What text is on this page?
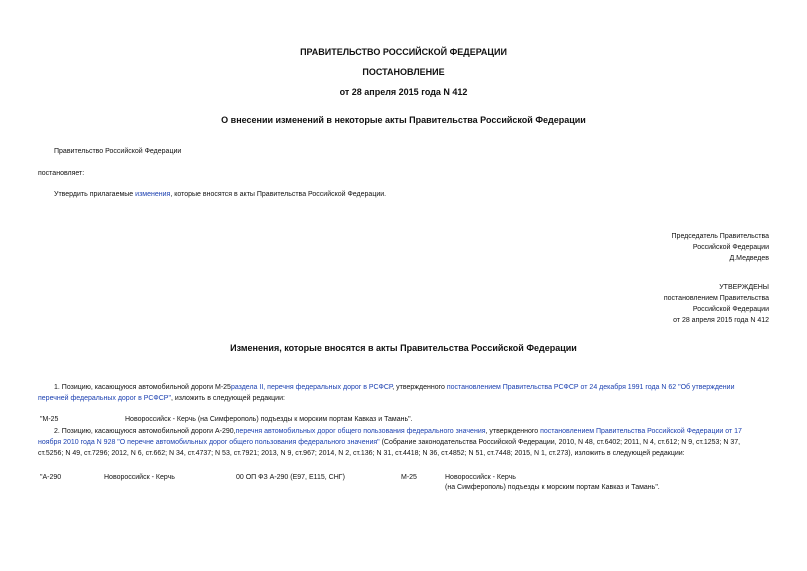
ПРАВИТЕЛЬСТВО РОССИЙСКОЙ ФЕДЕРАЦИИ
ПОСТАНОВЛЕНИЕ
от 28 апреля 2015 года N 412
О внесении изменений в некоторые акты Правительства Российской Федерации
Правительство Российской Федерации
постановляет:
Утвердить прилагаемые изменения, которые вносятся в акты Правительства Российской Федерации.
Председатель Правительства
Российской Федерации
Д.Медведев
УТВЕРЖДЕНЫ
постановлением Правительства
Российской Федерации
от 28 апреля 2015 года N 412
Изменения, которые вносятся в акты Правительства Российской Федерации
1. Позицию, касающуюся автомобильной дороги М-25раздела II, перечня федеральных дорог в РСФСР, утвержденного постановлением Правительства РСФСР от 24 декабря 1991 года N 62 "Об утверждении
перечней федеральных дорог в РСФСР", изложить в следующей редакции:
"М-25	Новороссийск - Керчь (на Симферополь) подъезды к морским портам Кавказ и Тамань".
2. Позицию, касающуюся автомобильной дороги А-290,перечня автомобильных дорог общего пользования федерального значения, утвержденного постановлением Правительства Российской Федерации от 17
ноября 2010 года N 928 "О перечне автомобильных дорог общего пользования федерального значения" (Собрание законодательства Российской Федерации, 2010, N 48, ст.6402; 2011, N 4, ст.612; N 9, ст.1253; N 37,
ст.5256; N 49, ст.7296; 2012, N 6, ст.662; N 34, ст.4737; N 53, ст.7921; 2013, N 9, ст.967; 2014, N 2, ст.136; N 31, ст.4418; N 36, ст.4852; N 51, ст.7448; 2015, N 1, ст.273), изложить в следующей редакции:
"А-290	Новороссийск - Керчь	00 ОП ФЗ А-290 (Е97, Е115, СНГ)	М-25	Новороссийск - Керчь
(на Симферополь) подъезды к морским портам Кавказ и Тамань".
